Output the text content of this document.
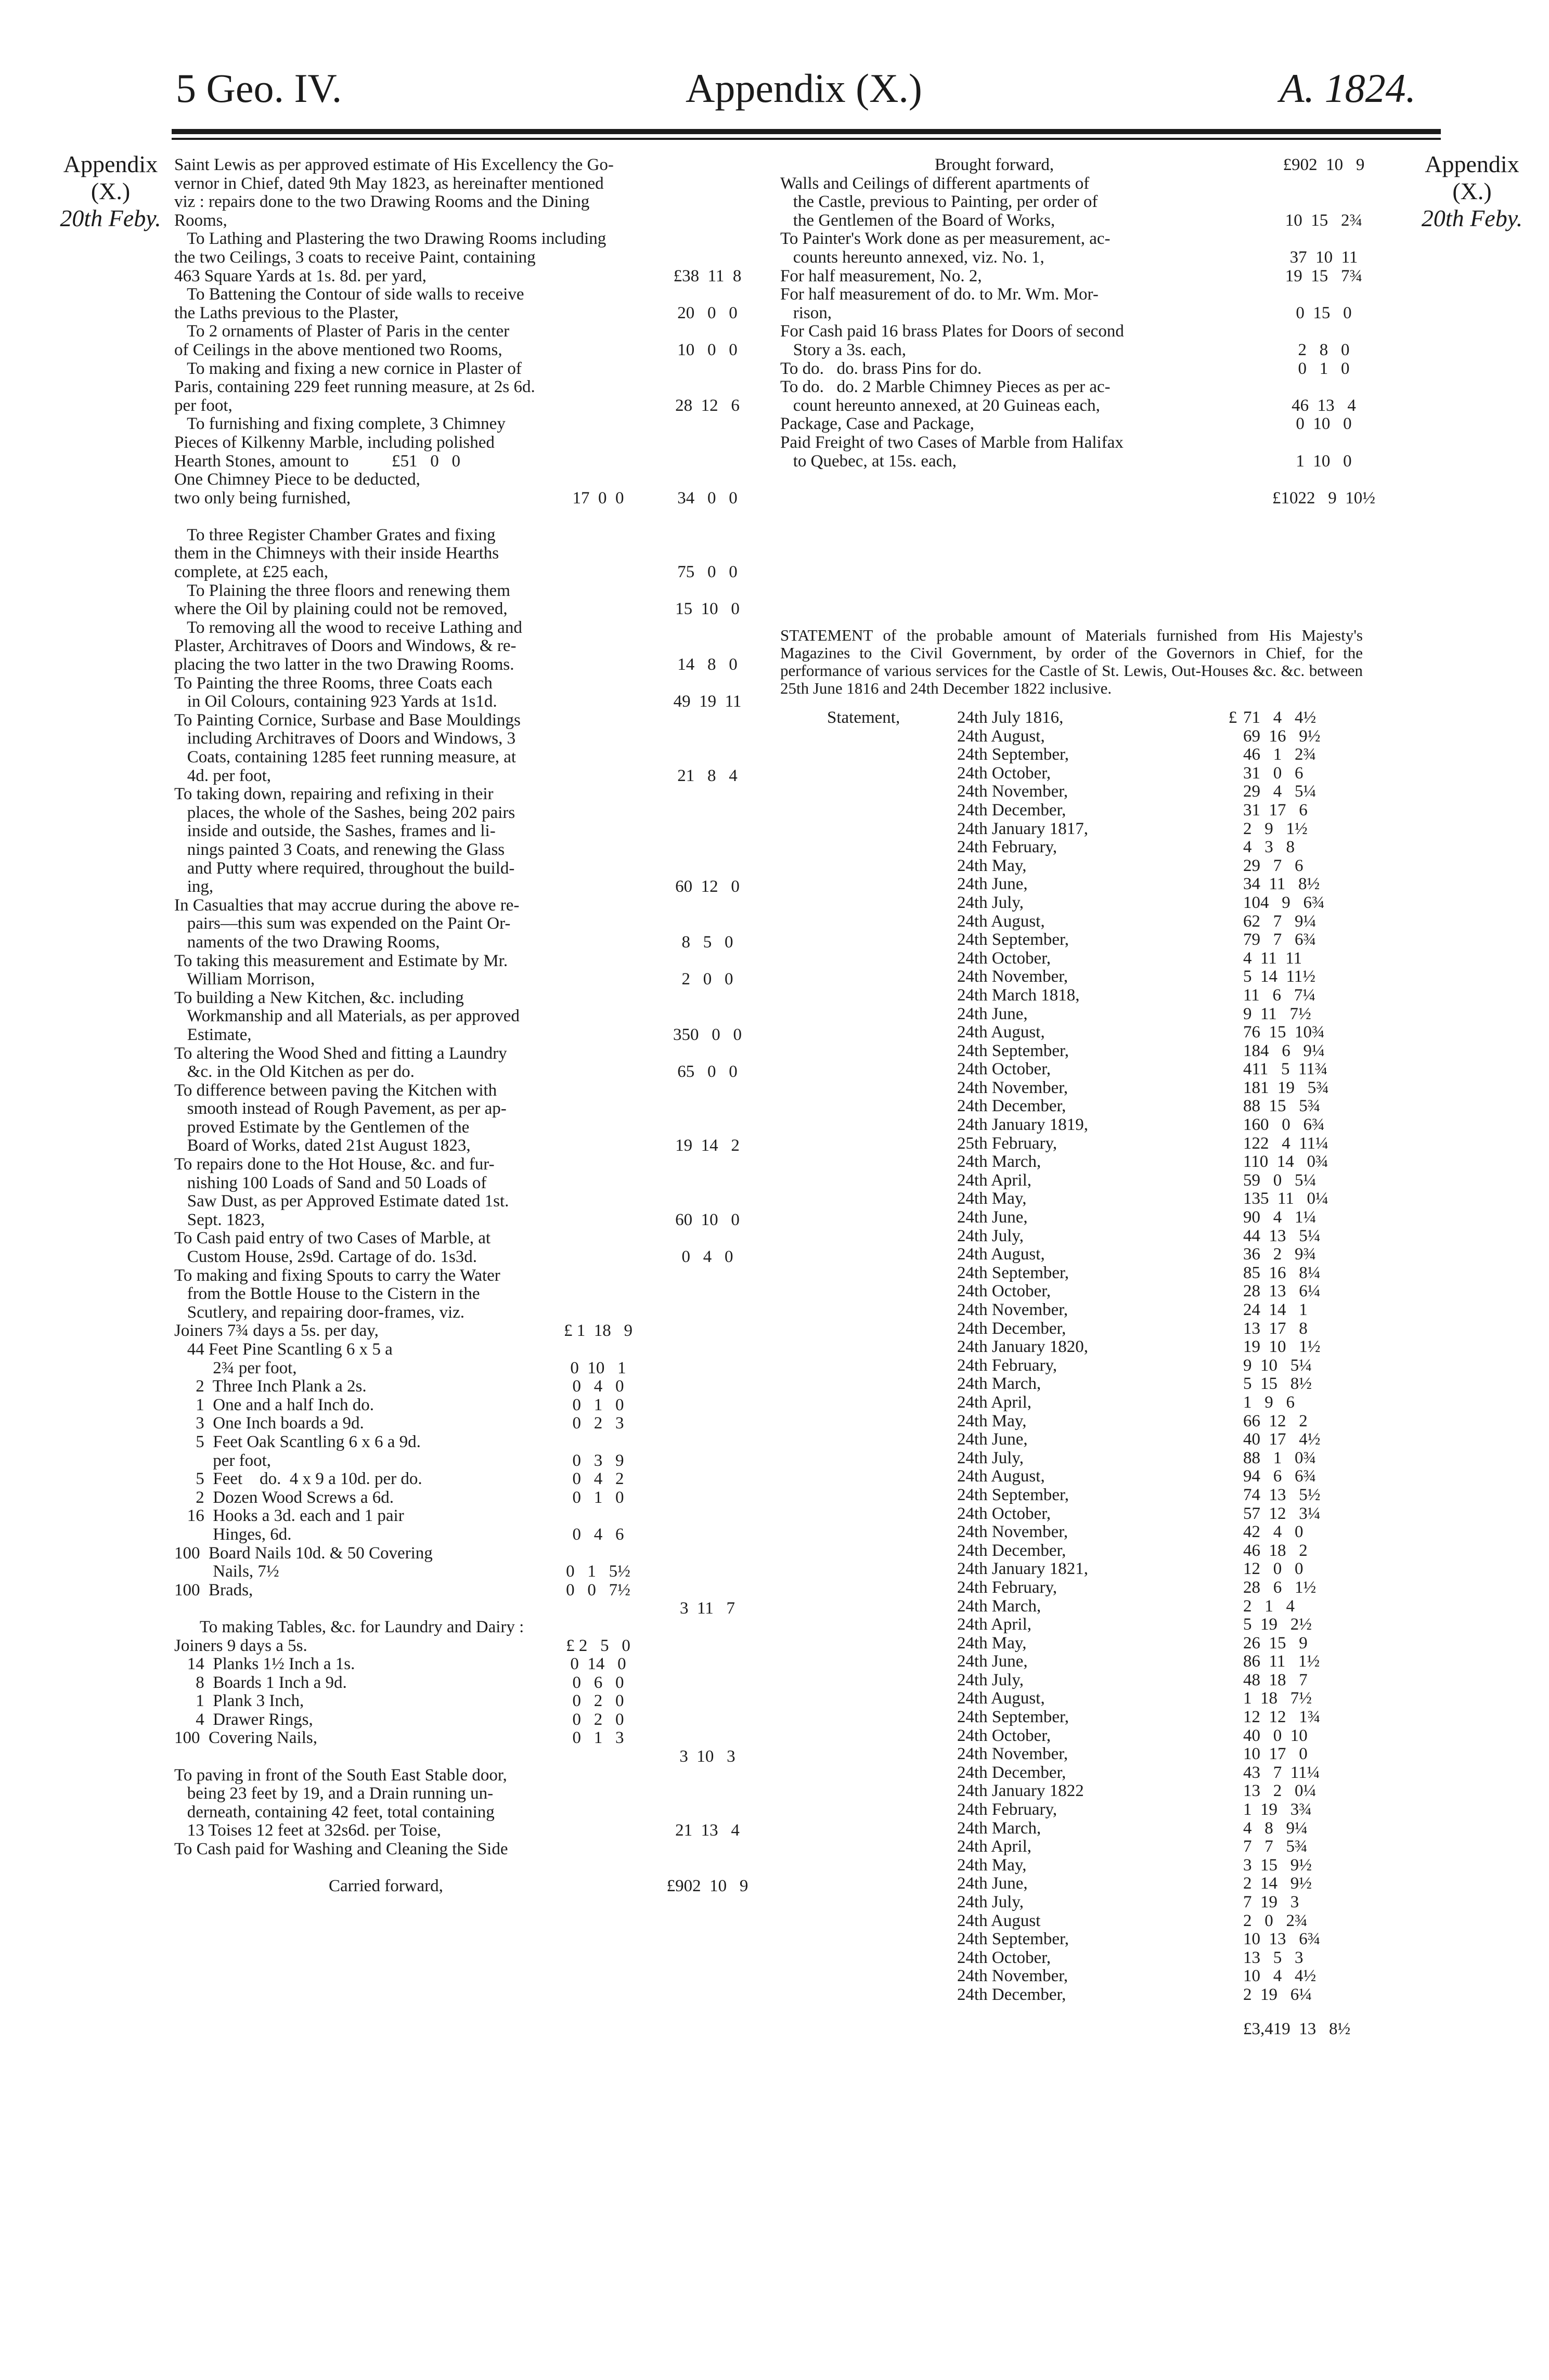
5 Geo. IV.	Appendix (X.)	A. 1824.
Appendix
(X.)
20th Feby.
Appendix
(X.)
20th Feby.
Saint Lewis as per approved estimate of His Excellency the Go-
vernor in Chief, dated 9th May 1823, as hereinafter mentioned
viz : repairs done to the two Drawing Rooms and the Dining
Rooms,
To Lathing and Plastering the two Drawing Rooms including
the two Ceilings, 3 coats to receive Paint, containing
463 Square Yards at 1s. 8d. per yard,	£38  11  8
To Battening the Contour of side walls to receive
the Laths previous to the Plaster,	20   0   0
To 2 ornaments of Plaster of Paris in the center
of Ceilings in the above mentioned two Rooms,	10   0   0
To making and fixing a new cornice in Plaster of
Paris, containing 229 feet running measure, at 2s 6d.
per foot,	28  12   6
To furnishing and fixing complete, 3 Chimney
Pieces of Kilkenny Marble, including polished
Hearth Stones, amount to          £51   0   0
One Chimney Piece to be deducted,
two only being furnished,	17  0  0	34   0   0
To three Register Chamber Grates and fixing
them in the Chimneys with their inside Hearths
complete, at £25 each,	75   0   0
To Plaining the three floors and renewing them
where the Oil by plaining could not be removed,	15  10   0
To removing all the wood to receive Lathing and
Plaster, Architraves of Doors and Windows, & re-
placing the two latter in the two Drawing Rooms.	14   8   0
To Painting the three Rooms, three Coats each
in Oil Colours, containing 923 Yards at 1s1d.	49  19  11
To Painting Cornice, Surbase and Base Mouldings
including Architraves of Doors and Windows, 3
Coats, containing 1285 feet running measure, at
4d. per foot,	21   8   4
To taking down, repairing and refixing in their
places, the whole of the Sashes, being 202 pairs
inside and outside, the Sashes, frames and li-
nings painted 3 Coats, and renewing the Glass
and Putty where required, throughout the build-
ing,	60  12   0
In Casualties that may accrue during the above re-
pairs—this sum was expended on the Paint Or-
naments of the two Drawing Rooms,	8   5   0
To taking this measurement and Estimate by Mr.
William Morrison,	2   0   0
To building a New Kitchen, &c. including
Workmanship and all Materials, as per approved
Estimate,	350   0   0
To altering the Wood Shed and fitting a Laundry
&c. in the Old Kitchen as per do.	65   0   0
To difference between paving the Kitchen with
smooth instead of Rough Pavement, as per ap-
proved Estimate by the Gentlemen of the
Board of Works, dated 21st August 1823,	19  14   2
To repairs done to the Hot House, &c. and fur-
nishing 100 Loads of Sand and 50 Loads of
Saw Dust, as per Approved Estimate dated 1st.
Sept. 1823,	60  10   0
To Cash paid entry of two Cases of Marble, at
Custom House, 2s9d. Cartage of do. 1s3d.	0   4   0
To making and fixing Spouts to carry the Water
from the Bottle House to the Cistern in the
Scutlery, and repairing door-frames, viz.
Joiners 7¾ days a 5s. per day,	£ 1  18   9
44 Feet Pine Scantling 6 x 5 a
2¾ per foot,	0  10   1
2  Three Inch Plank a 2s.	0   4   0
1  One and a half Inch do.	0   1   0
3  One Inch boards a 9d.	0   2   3
5  Feet Oak Scantling 6 x 6 a 9d.
per foot,	0   3   9
5  Feet    do.  4 x 9 a 10d. per do.	0   4   2
2  Dozen Wood Screws a 6d.	0   1   0
16  Hooks a 3d. each and 1 pair
Hinges, 6d.	0   4   6
100  Board Nails 10d. & 50 Covering
Nails, 7½	0   1   5½
100  Brads,	0   0   7½
3  11   7
To making Tables, &c. for Laundry and Dairy :
Joiners 9 days a 5s.	£ 2   5   0
14  Planks 1½ Inch a 1s.	0  14   0
8  Boards 1 Inch a 9d.	0   6   0
1  Plank 3 Inch,	0   2   0
4  Drawer Rings,	0   2   0
100  Covering Nails,	0   1   3
3  10   3
To paving in front of the South East Stable door,
being 23 feet by 19, and a Drain running un-
derneath, containing 42 feet, total containing
13 Toises 12 feet at 32s6d. per Toise,	21  13   4
To Cash paid for Washing and Cleaning the Side
Carried forward,	£902  10   9
Brought forward,	£902  10   9
Walls and Ceilings of different apartments of
the Castle, previous to Painting, per order of
the Gentlemen of the Board of Works,	10  15   2¾
To Painter's Work done as per measurement, ac-
counts hereunto annexed, viz. No. 1,	37  10  11
For half measurement, No. 2,	19  15   7¾
For half measurement of do. to Mr. Wm. Mor-
rison,	0  15   0
For Cash paid 16 brass Plates for Doors of second
Story a 3s. each,	2   8   0
To do.   do. brass Pins for do.	0   1   0
To do.   do. 2 Marble Chimney Pieces as per ac-
count hereunto annexed, at 20 Guineas each,	46  13   4
Package, Case and Package,	0  10   0
Paid Freight of two Cases of Marble from Halifax
to Quebec, at 15s. each,	1  10   0
£1022   9  10½

STATEMENT of the probable amount of Materials furnished from His Majesty's Magazines to the Civil Government, by order of the Governors in Chief, for the performance of various services for the Castle of St. Lewis, Out-Houses &c. &c. between 25th June 1816 and 24th December 1822 inclusive.

Statement,	24th July 1816,	£ 71   4   4½
24th August,	69  16   9½
24th September,	46   1   2¾
24th October,	31   0   6
24th November,	29   4   5¼
24th December,	31  17   6
24th January 1817,	2   9   1½
24th February,	4   3   8
24th May,	29   7   6
24th June,	34  11   8½
24th July,	104   9   6¾
24th August,	62   7   9¼
24th September,	79   7   6¾
24th October,	4  11  11
24th November,	5  14  11½
24th March 1818,	11   6   7¼
24th June,	9  11   7½
24th August,	76  15  10¾
24th September,	184   6   9¼
24th October,	411   5  11¾
24th November,	181  19   5¾
24th December,	88  15   5¾
24th January 1819,	160   0   6¾
25th February,	122   4  11¼
24th March,	110  14   0¾
24th April,	59   0   5¼
24th May,	135  11   0¼
24th June,	90   4   1¼
24th July,	44  13   5¼
24th August,	36   2   9¾
24th September,	85  16   8¼
24th October,	28  13   6¼
24th November,	24  14   1
24th December,	13  17   8
24th January 1820,	19  10   1½
24th February,	9  10   5¼
24th March,	5  15   8½
24th April,	1   9   6
24th May,	66  12   2
24th June,	40  17   4½
24th July,	88   1   0¾
24th August,	94   6   6¾
24th September,	74  13   5½
24th October,	57  12   3¼
24th November,	42   4   0
24th December,	46  18   2
24th January 1821,	12   0   0
24th February,	28   6   1½
24th March,	2   1   4
24th April,	5  19   2½
24th May,	26  15   9
24th June,	86  11   1½
24th July,	48  18   7
24th August,	1  18   7½
24th September,	12  12   1¾
24th October,	40   0  10
24th November,	10  17   0
24th December,	43   7  11¼
24th January 1822	13   2   0¼
24th February,	1  19   3¾
24th March,	4   8   9¼
24th April,	7   7   5¾
24th May,	3  15   9½
24th June,	2  14   9½
24th July,	7  19   3
24th August	2   0   2¾
24th September,	10  13   6¾
24th October,	13   5   3
24th November,	10   4   4½
24th December,	2  19   6¼
£3,419  13   8½
